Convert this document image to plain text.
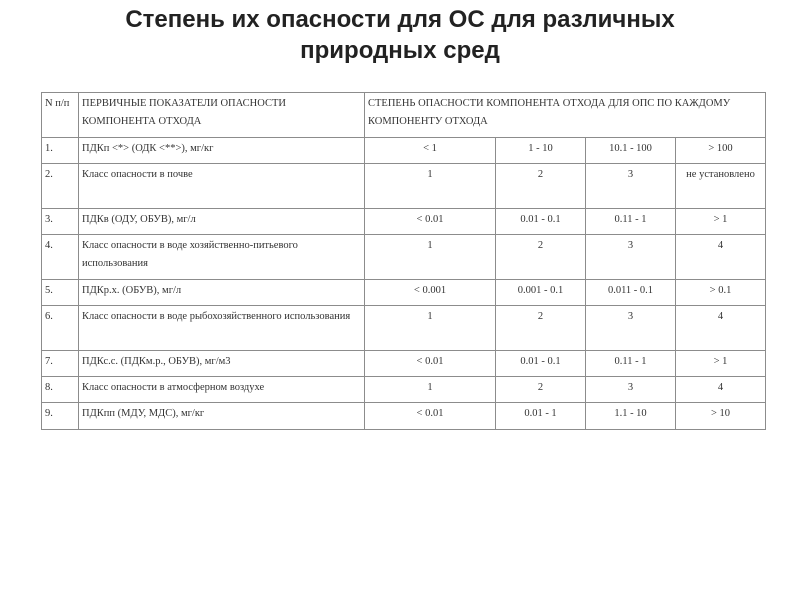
Степень их опасности для ОС для различных
природных сред
N п/п	ПЕРВИЧНЫЕ ПОКАЗАТЕЛИ ОПАСНОСТИ КОМПОНЕНТА ОТХОДА	СТЕПЕНЬ ОПАСНОСТИ КОМПОНЕНТА ОТХОДА ДЛЯ ОПС ПО КАЖДОМУ КОМПОНЕНТУ ОТХОДА			
1.	ПДКп <*> (ОДК <**>), мг/кг	< 1	1 - 10	10.1 - 100	> 100
2.	Класс опасности в почве	1	2	3	не установлено
3.	ПДКв (ОДУ, ОБУВ), мг/л	< 0.01	0.01 - 0.1	0.11 - 1	> 1
4.	Класс опасности в воде хозяйственно-питьевого использования	1	2	3	4
5.	ПДКр.х. (ОБУВ), мг/л	< 0.001	0.001 - 0.1	0.011 - 0.1	> 0.1
6.	Класс опасности в воде рыбохозяйственного использования	1	2	3	4
7.	ПДКс.с. (ПДКм.р., ОБУВ), мг/м3	< 0.01	0.01 - 0.1	0.11 - 1	> 1
8.	Класс опасности в атмосферном воздухе	1	2	3	4
9.	ПДКпп (МДУ, МДС), мг/кг	< 0.01	0.01 - 1	1.1 - 10	> 10
